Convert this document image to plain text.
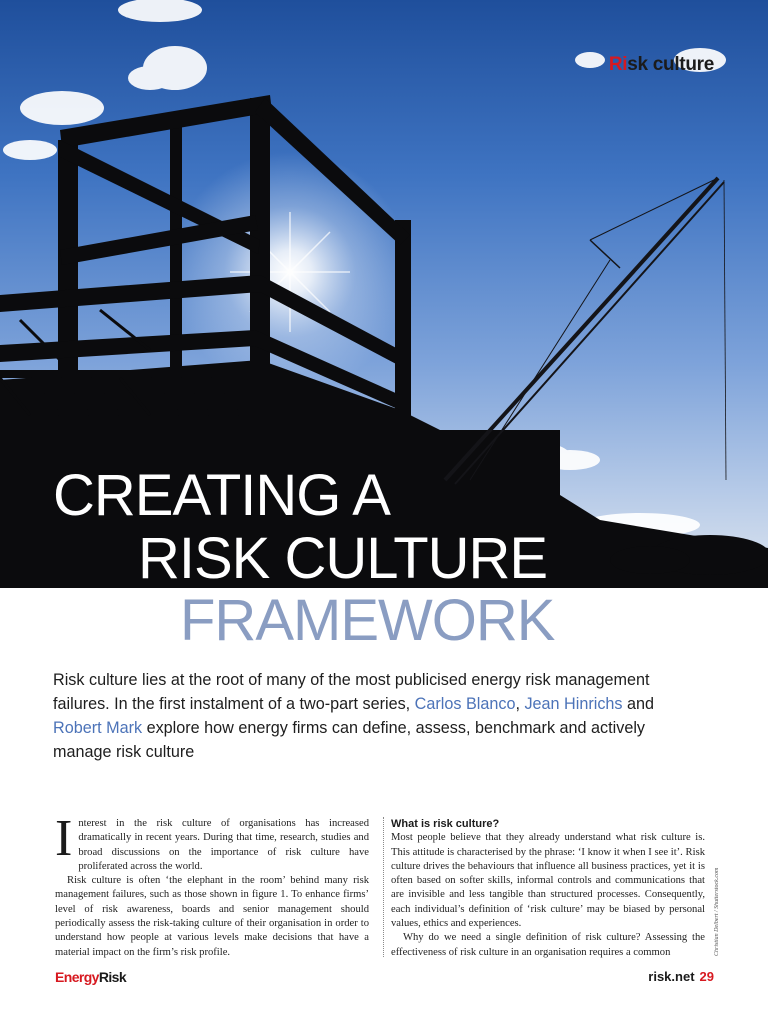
Risk culture
CREATING A
RISK CULTURE
FRAMEWORK
Risk culture lies at the root of many of the most publicised energy risk management failures. In the first instalment of a two-part series, Carlos Blanco, Jean Hinrichs and Robert Mark explore how energy firms can define, assess, benchmark and actively manage risk culture

Interest in the risk culture of organisations has increased dramatically in recent years. During that time, research, studies and broad discussions on the importance of risk culture have proliferated across the world.

Risk culture is often ‘the elephant in the room’ behind many risk management failures, such as those shown in figure 1. To enhance firms’ level of risk awareness, boards and senior management should periodically assess the risk-taking culture of their organisation in order to understand how people at various levels make decisions that have a material impact on the firm’s risk profile.

What is risk culture?

Most people believe that they already understand what risk culture is. This attitude is characterised by the phrase: ‘I know it when I see it’. Risk culture drives the behaviours that influence all business practices, yet it is often based on softer skills, informal controls and communications that are invisible and less tangible than structured processes. Consequently, each individual’s definition of ‘risk culture’ may be biased by personal values, ethics and experiences.

Why do we need a single definition of risk culture? Assessing the effectiveness of risk culture in an organisation requires a common	Christian Delbert / Shutterstock.com
EnergyRisk	risk.net 29
